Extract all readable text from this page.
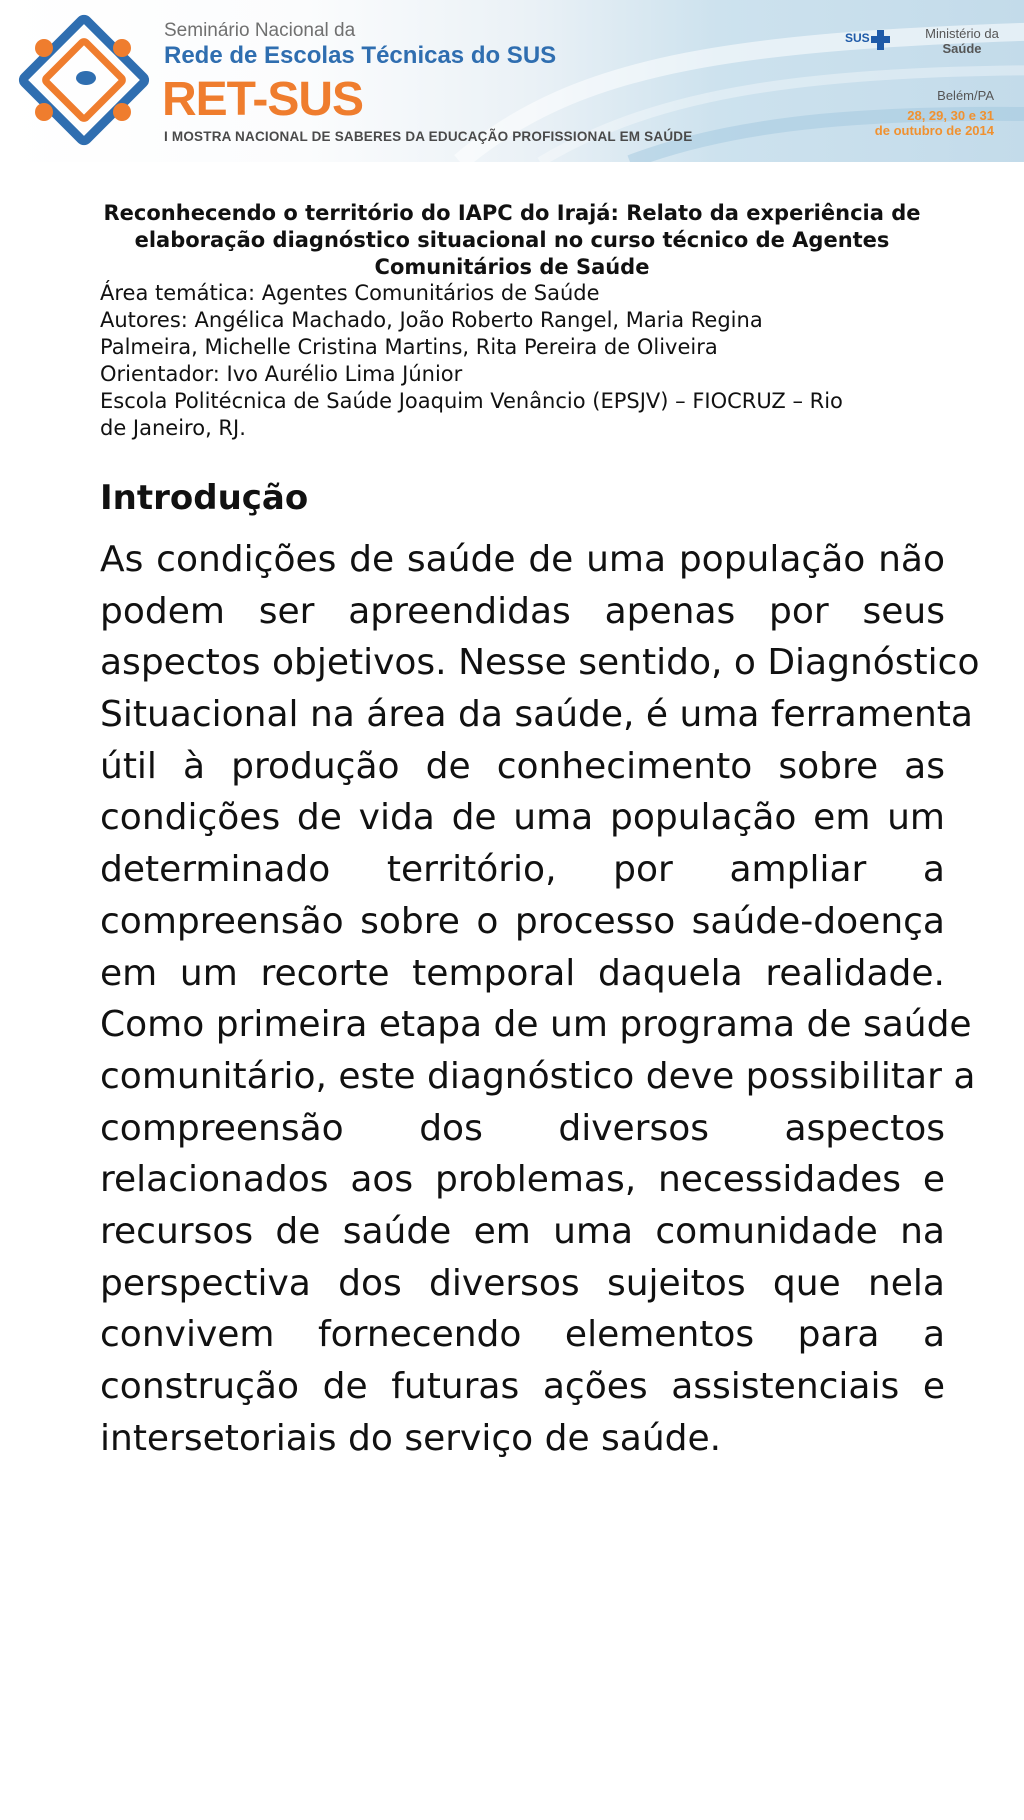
Seminário Nacional da
Rede de Escolas Técnicas do SUS
RET-SUS
I MOSTRA NACIONAL DE SABERES DA EDUCAÇÃO PROFISSIONAL EM SAÚDE
SUS	Ministério da
Saúde
Belém/PA
28, 29, 30 e 31
de outubro de 2014
Reconhecendo o território do IAPC do Irajá: Relato da experiência de
elaboração diagnóstico situacional no curso técnico de Agentes
Comunitários de Saúde
Área temática: Agentes Comunitários de Saúde
Autores: Angélica Machado, João Roberto Rangel, Maria Regina
Palmeira, Michelle Cristina Martins, Rita Pereira de Oliveira
Orientador: Ivo Aurélio Lima Júnior
Escola Politécnica de Saúde Joaquim Venâncio (EPSJV) – FIOCRUZ – Rio
de Janeiro, RJ.
Introdução
As condições de saúde de uma população não
podem ser apreendidas apenas por seus
aspectos objetivos. Nesse sentido, o Diagnóstico
Situacional na área da saúde, é uma ferramenta
útil à produção de conhecimento sobre as
condições de vida de uma população em um
determinado território, por ampliar a
compreensão sobre o processo saúde-doença
em um recorte temporal daquela realidade.
Como primeira etapa de um programa de saúde
comunitário, este diagnóstico deve possibilitar a
compreensão dos diversos aspectos
relacionados aos problemas, necessidades e
recursos de saúde em uma comunidade na
perspectiva dos diversos sujeitos que nela
convivem fornecendo elementos para a
construção de futuras ações assistenciais e
intersetoriais do serviço de saúde.
